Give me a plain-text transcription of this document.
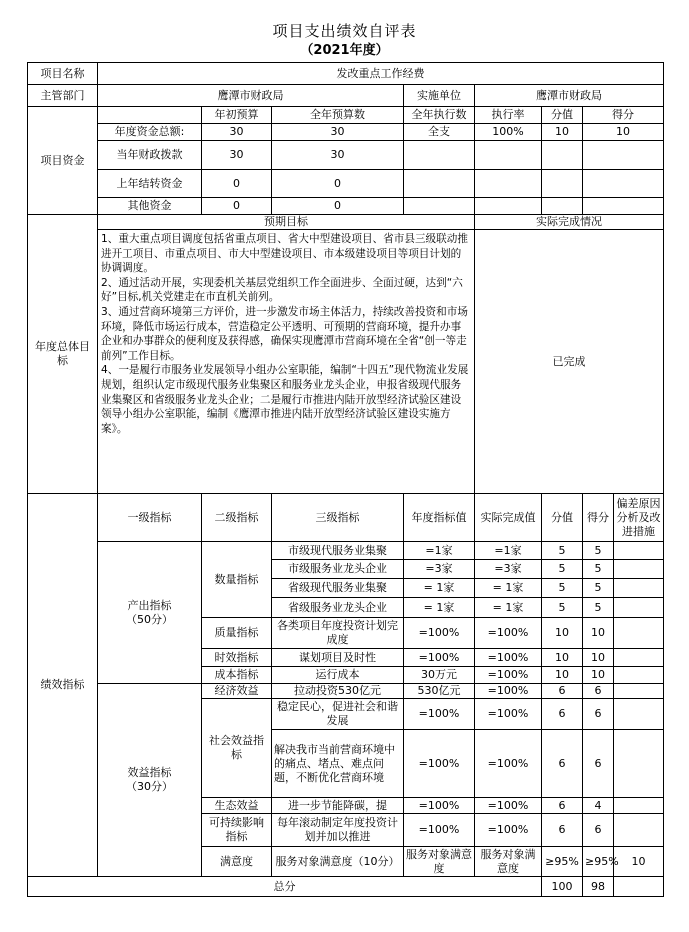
项目支出绩效自评表
（2021年度）
项目名称	发改重点工作经费								
主管部门	鹰潭市财政局			实施单位	鹰潭市财政局				
项目资金		年初预算	全年预算数	全年执行数	执行率	分值	得分		
	年度资金总额:	30	30	全支	100%	10	10		
	当年财政拨款	30	30						
	上年结转资金	0	0						
	其他资金	0	0						
年度总体目标	预期目标				实际完成情况				

	1、重大重点项目调度包括省重点项目、省大中型建设项目、省市县三级联动推进开工项目、市重点项目、市大中型建设项目、市本级建设项目等项目计划的协调调度。

2、通过活动开展，实现委机关基层党组织工作全面进步、全面过硬，达到“六好”目标,机关党建走在市直机关前列。

3、通过营商环境第三方评价，进一步激发市场主体活力，持续改善投资和市场环境，降低市场运行成本，营造稳定公平透明、可预期的营商环境，提升办事企业和办事群众的便利度及获得感，确保实现鹰潭市营商环境在全省“创一等走前列”工作目标。

4、一是履行市服务业发展领导小组办公室职能，编制“十四五”现代物流业发展规划，组织认定市级现代服务业集聚区和服务业龙头企业，申报省级现代服务业集聚区和省级服务业龙头企业；二是履行市推进内陆开放型经济试验区建设领导小组办公室职能，编制《鹰潭市推进内陆开放型经济试验区建设实施方案》。				已完成				
绩效指标	一级指标	二级指标	三级指标	年度指标值	实际完成值	分值	得分	偏差原因分析及改进措施	
	产出指标
（50分）	数量指标	市级现代服务业集聚	=1家	=1家	5	5		
			市级服务业龙头企业	=3家	=3家	5	5		
			省级现代服务业集聚	= 1家	= 1家	5	5		
			省级服务业龙头企业	= 1家	= 1家	5	5		
		质量指标	各类项目年度投资计划完成度	=100%	=100%	10	10		
		时效指标	谋划项目及时性	=100%	=100%	10	10		
		成本指标	运行成本	30万元	=100%	10	10		
	效益指标
（30分）	经济效益	拉动投资530亿元	530亿元	=100%	6	6		
		社会效益指标	稳定民心，促进社会和谐发展	=100%	=100%	6	6		
			解决我市当前营商环境中的痛点、堵点、难点问题，不断优化营商环境	=100%	=100%	6	6		
		生态效益	进一步节能降碳，提	=100%	=100%	6	4		
		可持续影响指标	每年滚动制定年度投资计划并加以推进	=100%	=100%	6	6		
		满意度	服务对象满意度（10分）	服务对象满意度	服务对象满意度	≥95%	≥95%	10		
总分						100	98		
